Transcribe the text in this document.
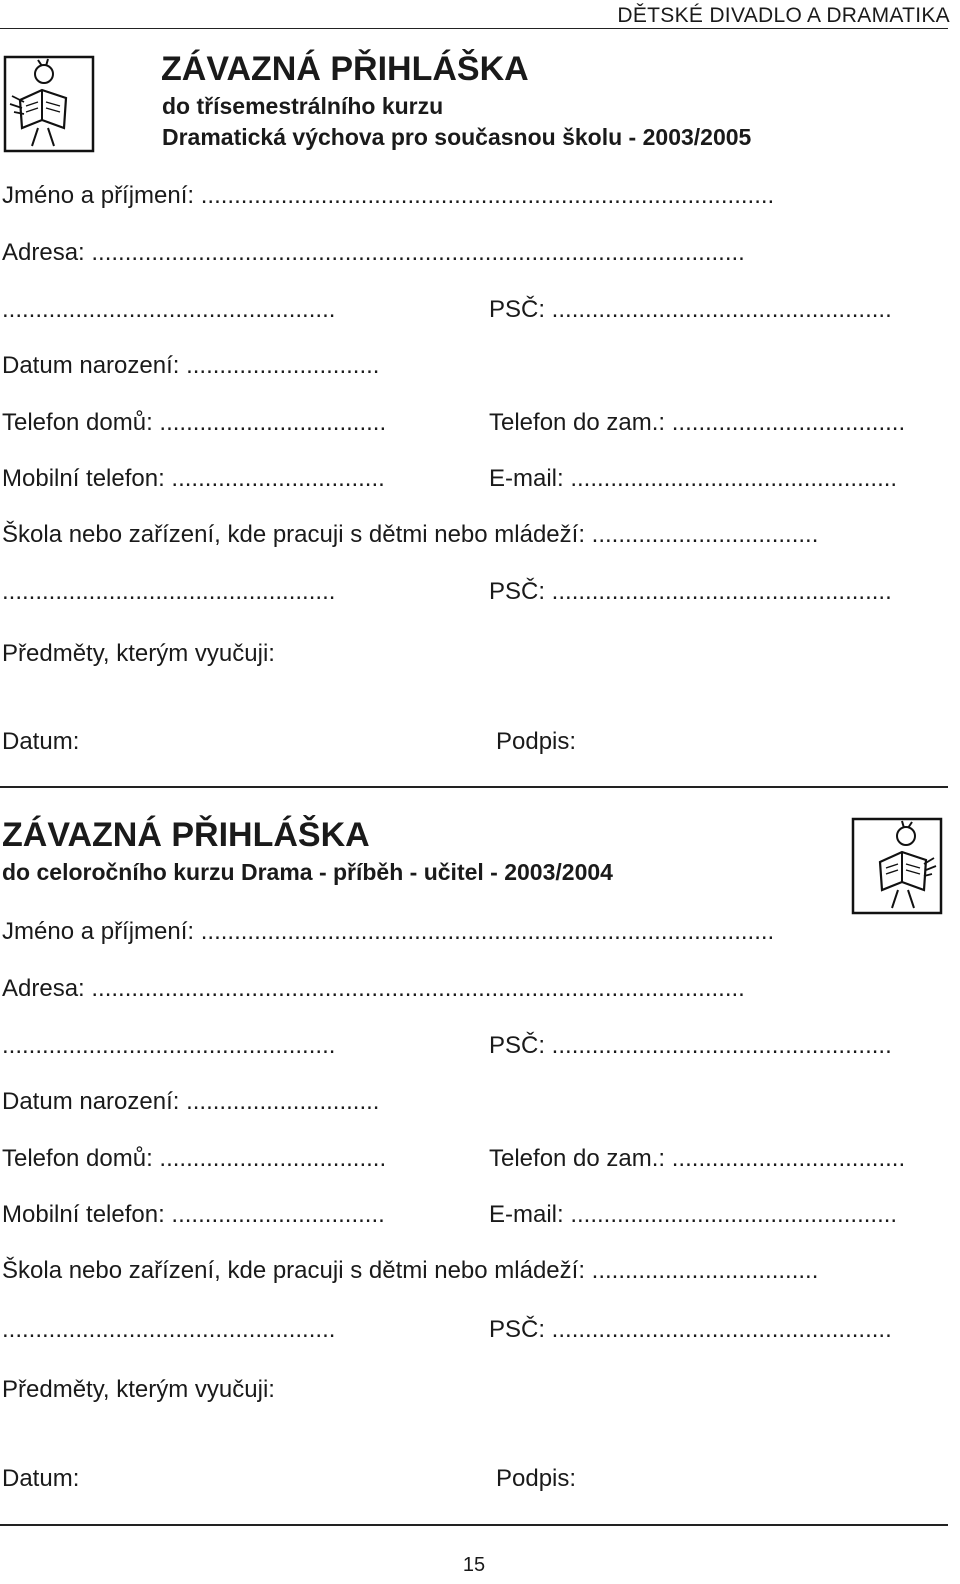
DĚTSKÉ DIVADLO A DRAMATIKA
ZÁVAZNÁ PŘIHLÁŠKA
do třísemestrálního kurzu
Dramatická výchova pro současnou školu - 2003/2005
Jméno a příjmení: ......................................................................................
Adresa: ..................................................................................................
..................................................	PSČ: ...................................................
Datum narození: .............................
Telefon domů: ..................................	Telefon do zam.: ...................................
Mobilní telefon: ................................	E-mail: .................................................
Škola nebo zařízení, kde pracuji s dětmi nebo mládeží: ..................................
..................................................	PSČ: ...................................................
Předměty, kterým vyučuji:
Datum:	Podpis:
ZÁVAZNÁ PŘIHLÁŠKA
do celoročního kurzu Drama - příběh - učitel - 2003/2004
Jméno a příjmení: ......................................................................................
Adresa: ..................................................................................................
..................................................	PSČ: ...................................................
Datum narození: .............................
Telefon domů: ..................................	Telefon do zam.: ...................................
Mobilní telefon: ................................	E-mail: .................................................
Škola nebo zařízení, kde pracuji s dětmi nebo mládeží: ..................................
..................................................	PSČ: ...................................................
Předměty, kterým vyučuji:
Datum:	Podpis:
15
